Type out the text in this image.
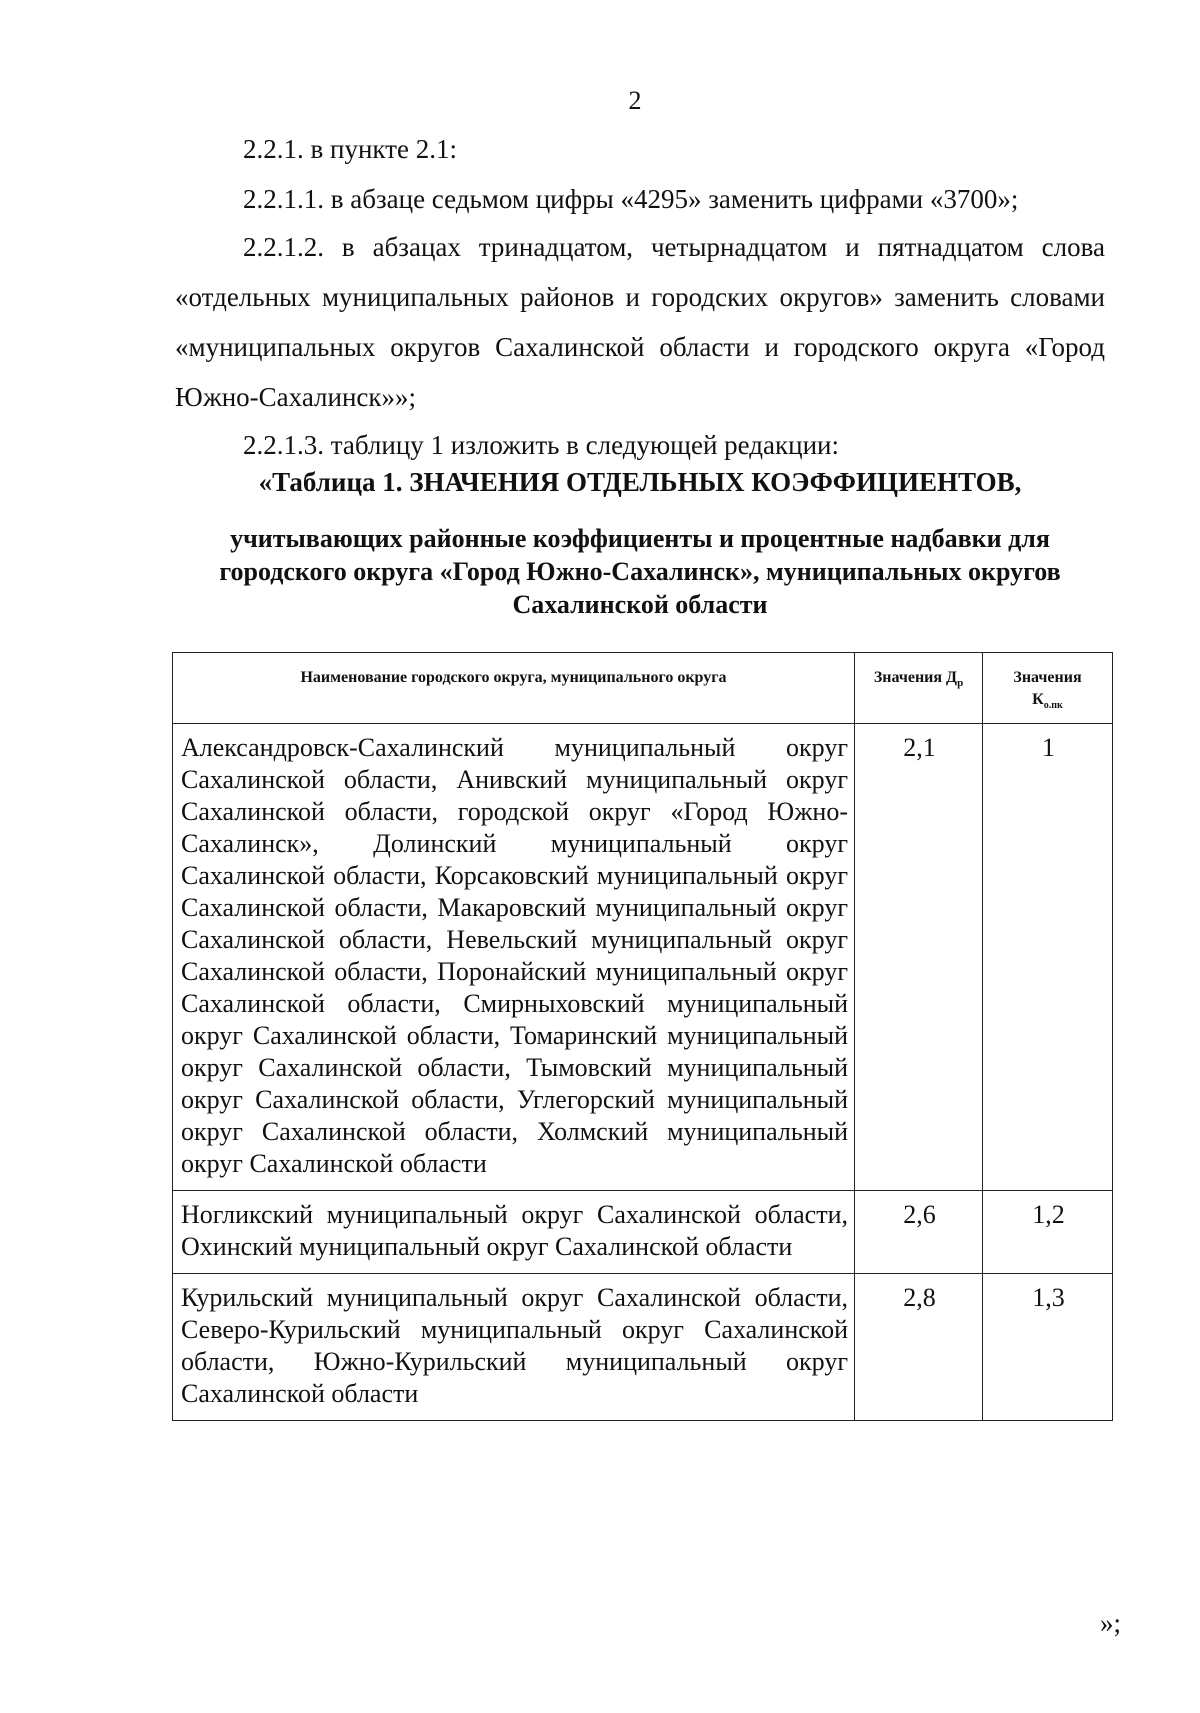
2

2.2.1. в пункте 2.1:

2.2.1.1. в абзаце седьмом цифры «4295» заменить цифрами «3700»;

2.2.1.2. в абзацах тринадцатом, четырнадцатом и пятнадцатом слова «отдельных муниципальных районов и городских округов» заменить словами «муниципальных округов Сахалинской области и городского округа «Город Южно-Сахалинск»»;

2.2.1.3. таблицу 1 изложить в следующей редакции:

«Таблица 1. ЗНАЧЕНИЯ ОТДЕЛЬНЫХ КОЭФФИЦИЕНТОВ,
учитывающих районные коэффициенты и процентные надбавки для городского округа «Город Южно-Сахалинск», муниципальных округов Сахалинской области
Наименование городского округа, муниципального округа	Значения $Д_р$	Значения
$К_{о.пк}$
Александровск-Сахалинский муниципальный округ Сахалинской области, Анивский муниципальный округ Сахалинской области, городской округ «Город Южно-Сахалинск», Долинский муниципальный округ Сахалинской области, Корсаковский муниципальный округ Сахалинской области, Макаровский муниципальный округ Сахалинской области, Невельский муниципальный округ Сахалинской области, Поронайский муниципальный округ Сахалинской области, Смирныховский муниципальный округ Сахалинской области, Томаринский муниципальный округ Сахалинской области, Тымовский муниципальный округ Сахалинской области, Углегорский муниципальный округ Сахалинской области, Холмский муниципальный округ Сахалинской области	2,1	1
Ногликский муниципальный округ Сахалинской области, Охинский муниципальный округ Сахалинской области	2,6	1,2
Курильский муниципальный округ Сахалинской области, Северо-Курильский муниципальный округ Сахалинской области, Южно-Курильский муниципальный округ Сахалинской области	2,8	1,3
»;
